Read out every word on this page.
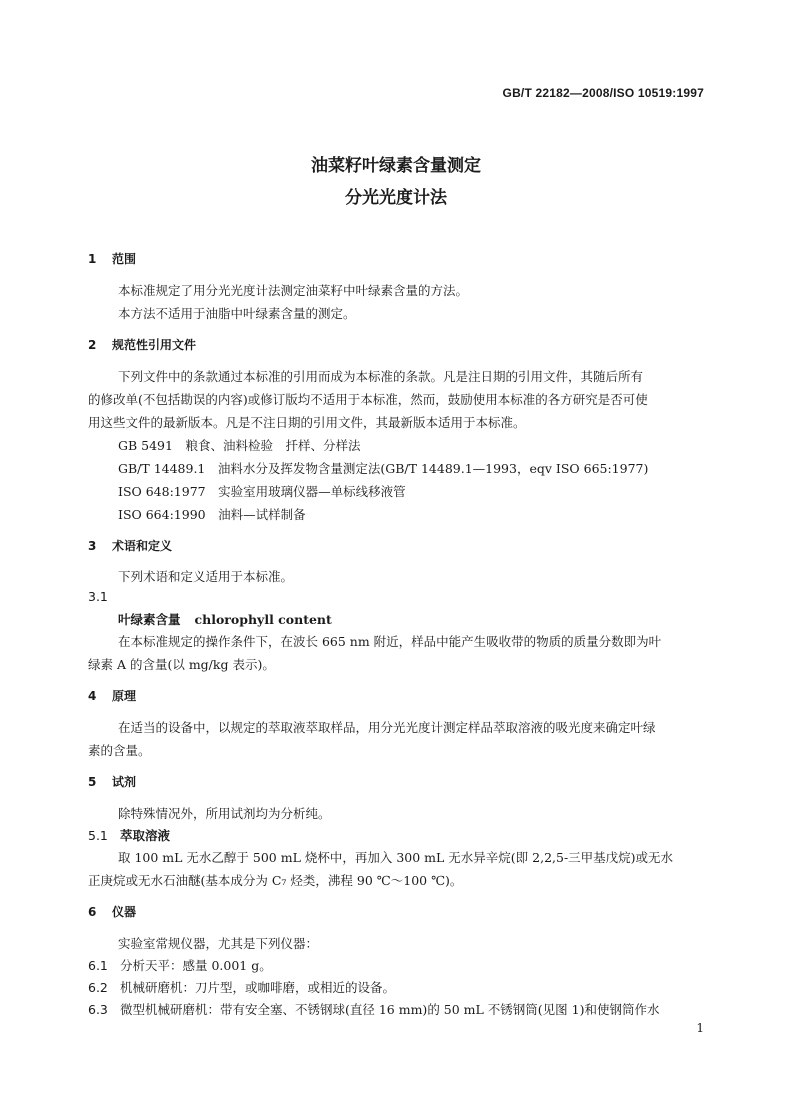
GB/T 22182—2008/ISO 10519:1997
油菜籽叶绿素含量测定
分光光度计法
1 范围
本标准规定了用分光光度计法测定油菜籽中叶绿素含量的方法。
本方法不适用于油脂中叶绿素含量的测定。
2 规范性引用文件
下列文件中的条款通过本标准的引用而成为本标准的条款。凡是注日期的引用文件，其随后所有
的修改单(不包括勘误的内容)或修订版均不适用于本标准，然而，鼓励使用本标准的各方研究是否可使
用这些文件的最新版本。凡是不注日期的引用文件，其最新版本适用于本标准。
GB 5491　粮食、油料检验　扦样、分样法
GB/T 14489.1　油料水分及挥发物含量测定法(GB/T 14489.1—1993，eqv ISO 665:1977)
ISO 648:1977　实验室用玻璃仪器—单标线移液管
ISO 664:1990　油料—试样制备
3 术语和定义
下列术语和定义适用于本标准。
3.1
叶绿素含量 chlorophyll content
在本标准规定的操作条件下，在波长 665 nm 附近，样品中能产生吸收带的物质的质量分数即为叶
绿素 A 的含量(以 mg/kg 表示)。
4 原理
在适当的设备中，以规定的萃取液萃取样品，用分光光度计测定样品萃取溶液的吸光度来确定叶绿
素的含量。
5 试剂
除特殊情况外，所用试剂均为分析纯。
5.1 萃取溶液
取 100 mL 无水乙醇于 500 mL 烧杯中，再加入 300 mL 无水异辛烷(即 2,2,5-三甲基戊烷)或无水
正庚烷或无水石油醚(基本成分为 C₇ 烃类，沸程 90 ℃～100 ℃)。
6 仪器
实验室常规仪器，尤其是下列仪器：
6.1 分析天平：感量 0.001 g。
6.2 机械研磨机：刀片型，或咖啡磨，或相近的设备。
6.3 微型机械研磨机：带有安全塞、不锈钢球(直径 16 mm)的 50 mL 不锈钢筒(见图 1)和使钢筒作水
1
